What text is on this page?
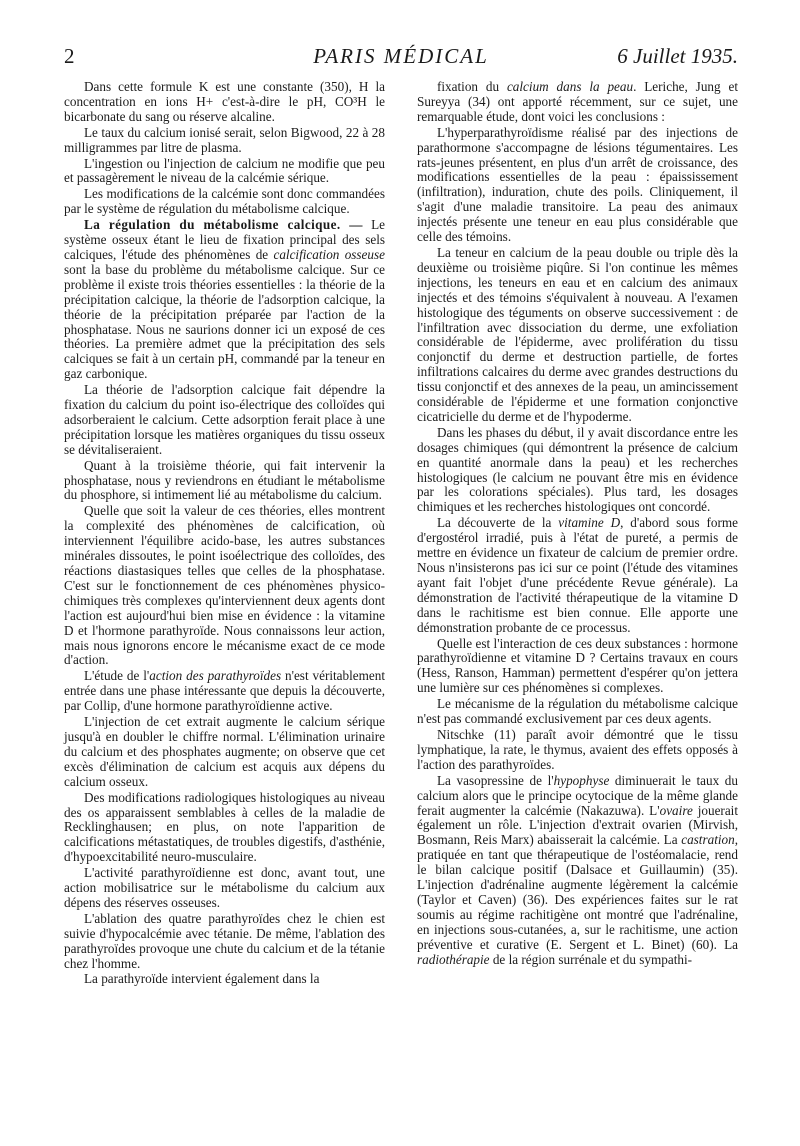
2	PARIS MÉDICAL	6 Juillet 1935.

Dans cette formule K est une constante (350), H la concentration en ions H+ c'est-à-dire le pH, CO³H le bicarbonate du sang ou réserve alcaline.

Le taux du calcium ionisé serait, selon Bigwood, 22 à 28 milligrammes par litre de plasma.

L'ingestion ou l'injection de calcium ne modifie que peu et passagèrement le niveau de la calcémie sérique.

Les modifications de la calcémie sont donc commandées par le système de régulation du métabolisme calcique.

La régulation du métabolisme calcique. — Le système osseux étant le lieu de fixation principal des sels calciques, l'étude des phénomènes de calcification osseuse sont la base du problème du métabolisme calcique. Sur ce problème il existe trois théories essentielles : la théorie de la précipitation calcique, la théorie de l'adsorption calcique, la théorie de la précipitation préparée par l'action de la phosphatase. Nous ne saurions donner ici un exposé de ces théories. La première admet que la précipitation des sels calciques se fait à un certain pH, commandé par la teneur en gaz carbonique.

La théorie de l'adsorption calcique fait dépendre la fixation du calcium du point iso-électrique des colloïdes qui adsorberaient le calcium. Cette adsorption ferait place à une précipitation lorsque les matières organiques du tissu osseux se dévitaliseraient.

Quant à la troisième théorie, qui fait intervenir la phosphatase, nous y reviendrons en étudiant le métabolisme du phosphore, si intimement lié au métabolisme du calcium.

Quelle que soit la valeur de ces théories, elles montrent la complexité des phénomènes de calcification, où interviennent l'équilibre acido-base, les autres substances minérales dissoutes, le point isoélectrique des colloïdes, des réactions diastasiques telles que celles de la phosphatase. C'est sur le fonctionnement de ces phénomènes physico-chimiques très complexes qu'interviennent deux agents dont l'action est aujourd'hui bien mise en évidence : la vitamine D et l'hormone parathyroïde. Nous connaissons leur action, mais nous ignorons encore le mécanisme exact de ce mode d'action.

L'étude de l'action des parathyroïdes n'est véritablement entrée dans une phase intéressante que depuis la découverte, par Collip, d'une hormone parathyroïdienne active.

L'injection de cet extrait augmente le calcium sérique jusqu'à en doubler le chiffre normal. L'élimination urinaire du calcium et des phosphates augmente; on observe que cet excès d'élimination de calcium est acquis aux dépens du calcium osseux.

Des modifications radiologiques histologiques au niveau des os apparaissent semblables à celles de la maladie de Recklinghausen; en plus, on note l'apparition de calcifications métastatiques, de troubles digestifs, d'asthénie, d'hypoexcitabilité neuro-musculaire.

L'activité parathyroïdienne est donc, avant tout, une action mobilisatrice sur le métabolisme du calcium aux dépens des réserves osseuses.

L'ablation des quatre parathyroïdes chez le chien est suivie d'hypocalcémie avec tétanie. De même, l'ablation des parathyroïdes provoque une chute du calcium et de la tétanie chez l'homme.

La parathyroïde intervient également dans la

fixation du calcium dans la peau. Leriche, Jung et Sureyya (34) ont apporté récemment, sur ce sujet, une remarquable étude, dont voici les conclusions :

L'hyperparathyroïdisme réalisé par des injections de parathormone s'accompagne de lésions tégumentaires. Les rats-jeunes présentent, en plus d'un arrêt de croissance, des modifications essentielles de la peau : épaississement (infiltration), induration, chute des poils. Cliniquement, il s'agit d'une maladie transitoire. La peau des animaux injectés présente une teneur en eau plus considérable que celle des témoins.

La teneur en calcium de la peau double ou triple dès la deuxième ou troisième piqûre. Si l'on continue les mêmes injections, les teneurs en eau et en calcium des animaux injectés et des témoins s'équivalent à nouveau. A l'examen histologique des téguments on observe successivement : de l'infiltration avec dissociation du derme, une exfoliation considérable de l'épiderme, avec prolifération du tissu conjonctif du derme et destruction partielle, de fortes infiltrations calcaires du derme avec grandes destructions du tissu conjonctif et des annexes de la peau, un amincissement considérable de l'épiderme et une formation conjonctive cicatricielle du derme et de l'hypoderme.

Dans les phases du début, il y avait discordance entre les dosages chimiques (qui démontrent la présence de calcium en quantité anormale dans la peau) et les recherches histologiques (le calcium ne pouvant être mis en évidence par les colorations spéciales). Plus tard, les dosages chimiques et les recherches histologiques ont concordé.

La découverte de la vitamine D, d'abord sous forme d'ergostérol irradié, puis à l'état de pureté, a permis de mettre en évidence un fixateur de calcium de premier ordre. Nous n'insisterons pas ici sur ce point (l'étude des vitamines ayant fait l'objet d'une précédente Revue générale). La démonstration de l'activité thérapeutique de la vitamine D dans le rachitisme est bien connue. Elle apporte une démonstration probante de ce processus.

Quelle est l'interaction de ces deux substances : hormone parathyroïdienne et vitamine D ? Certains travaux en cours (Hess, Ranson, Hamman) permettent d'espérer qu'on jettera une lumière sur ces phénomènes si complexes.

Le mécanisme de la régulation du métabolisme calcique n'est pas commandé exclusivement par ces deux agents.

Nitschke (11) paraît avoir démontré que le tissu lymphatique, la rate, le thymus, avaient des effets opposés à l'action des parathyroïdes.

La vasopressine de l'hypophyse diminuerait le taux du calcium alors que le principe ocytocique de la même glande ferait augmenter la calcémie (Nakazuwa). L'ovaire jouerait également un rôle. L'injection d'extrait ovarien (Mirvish, Bosmann, Reis Marx) abaisserait la calcémie. La castration, pratiquée en tant que thérapeutique de l'ostéomalacie, rend le bilan calcique positif (Dalsace et Guillaumin) (35). L'injection d'adrénaline augmente légèrement la calcémie (Taylor et Caven) (36). Des expériences faites sur le rat soumis au régime rachitigène ont montré que l'adrénaline, en injections sous-cutanées, a, sur le rachitisme, une action préventive et curative (E. Sergent et L. Binet) (60). La radiothérapie de la région surrénale et du sympathi-
